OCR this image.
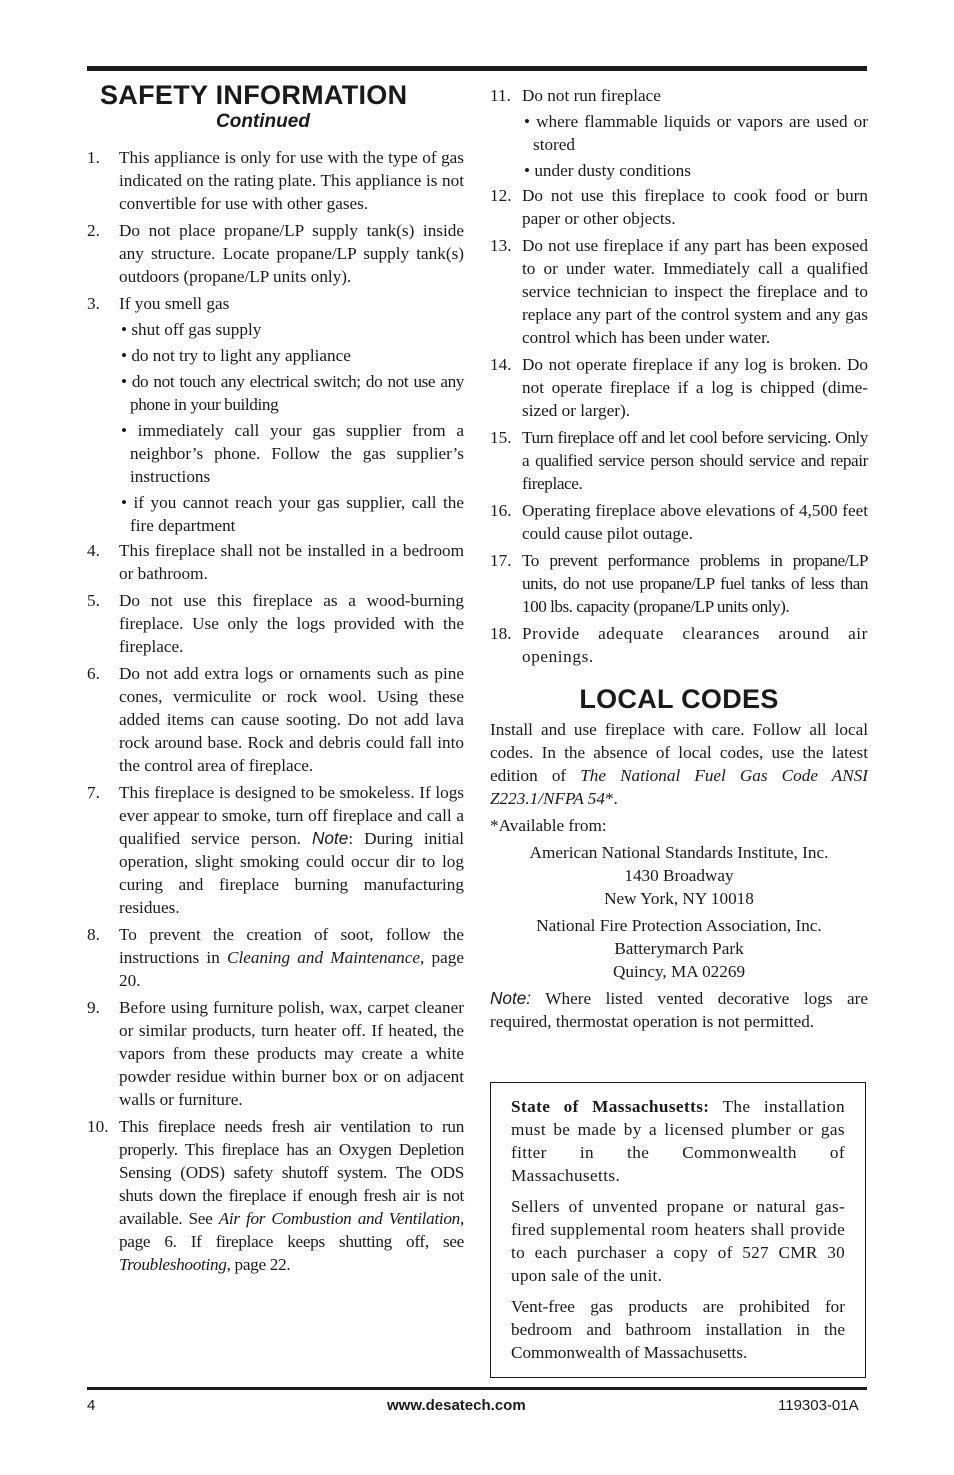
SAFETY INFORMATION
Continued
1.	This appliance is only for use with the type of gas indicated on the rating plate. This appliance is not convertible for use with other gases.
2.	Do not place propane/LP supply tank(s) inside any structure. Locate propane/LP supply tank(s) outdoors (propane/LP units only).
3.	If you smell gas
• shut off gas supply
• do not try to light any appliance
• do not touch any electrical switch; do not use any phone in your building
• immediately call your gas supplier from a neighbor’s phone. Follow the gas supplier’s instructions
• if you cannot reach your gas supplier, call the fire department
4.	This fireplace shall not be installed in a bedroom or bathroom.
5.	Do not use this fireplace as a wood-burning fireplace. Use only the logs provided with the fireplace.
6.	Do not add extra logs or ornaments such as pine cones, vermiculite or rock wool. Using these added items can cause sooting. Do not add lava rock around base. Rock and debris could fall into the control area of fireplace.
7.	This fireplace is designed to be smokeless. If logs ever appear to smoke, turn off fireplace and call a qualified service person. Note: During initial operation, slight smoking could occur dir to log curing and fireplace burning manufacturing residues.
8.	To prevent the creation of soot, follow the instructions in Cleaning and Maintenance, page 20.
9.	Before using furniture polish, wax, carpet cleaner or similar products, turn heater off. If heated, the vapors from these products may create a white powder residue within burner box or on adjacent walls or furniture.
10. This fireplace needs fresh air ventilation to run properly. This fireplace has an Oxygen Depletion Sensing (ODS) safety shutoff system. The ODS shuts down the fireplace if enough fresh air is not available. See Air for Combustion and Ventilation, page 6. If fireplace keeps shutting off, see Troubleshooting, page 22.
11. Do not run fireplace
• where flammable liquids or vapors are used or stored
• under dusty conditions
12. Do not use this fireplace to cook food or burn paper or other objects.
13. Do not use fireplace if any part has been exposed to or under water. Immediately call a qualified service technician to inspect the fireplace and to replace any part of the control system and any gas control which has been under water.
14. Do not operate fireplace if any log is broken. Do not operate fireplace if a log is chipped (dime-sized or larger).
15. Turn fireplace off and let cool before servicing. Only a qualified service person should service and repair fireplace.
16. Operating fireplace above elevations of 4,500 feet could cause pilot outage.
17. To prevent performance problems in propane/LP units, do not use propane/LP fuel tanks of less than 100 lbs. capacity (propane/LP units only).
18. Provide adequate clearances around air openings.
LOCAL CODES
Install and use fireplace with care. Follow all local codes. In the absence of local codes, use the latest edition of The National Fuel Gas Code ANSI Z223.1/NFPA 54*.
*Available from:
American National Standards Institute, Inc.
1430 Broadway
New York, NY 10018
National Fire Protection Association, Inc.
Batterymarch Park
Quincy, MA 02269
Note: Where listed vented decorative logs are required, thermostat operation is not permitted.

State of Massachusetts: The installation must be made by a licensed plumber or gas fitter in the Commonwealth of Massachusetts.

Sellers of unvented propane or natural gas-fired supplemental room heaters shall provide to each purchaser a copy of 527 CMR 30 upon sale of the unit.

Vent-free gas products are prohibited for bedroom and bathroom installation in the Commonwealth of Massachusetts.

4	www.desatech.com	119303-01A
